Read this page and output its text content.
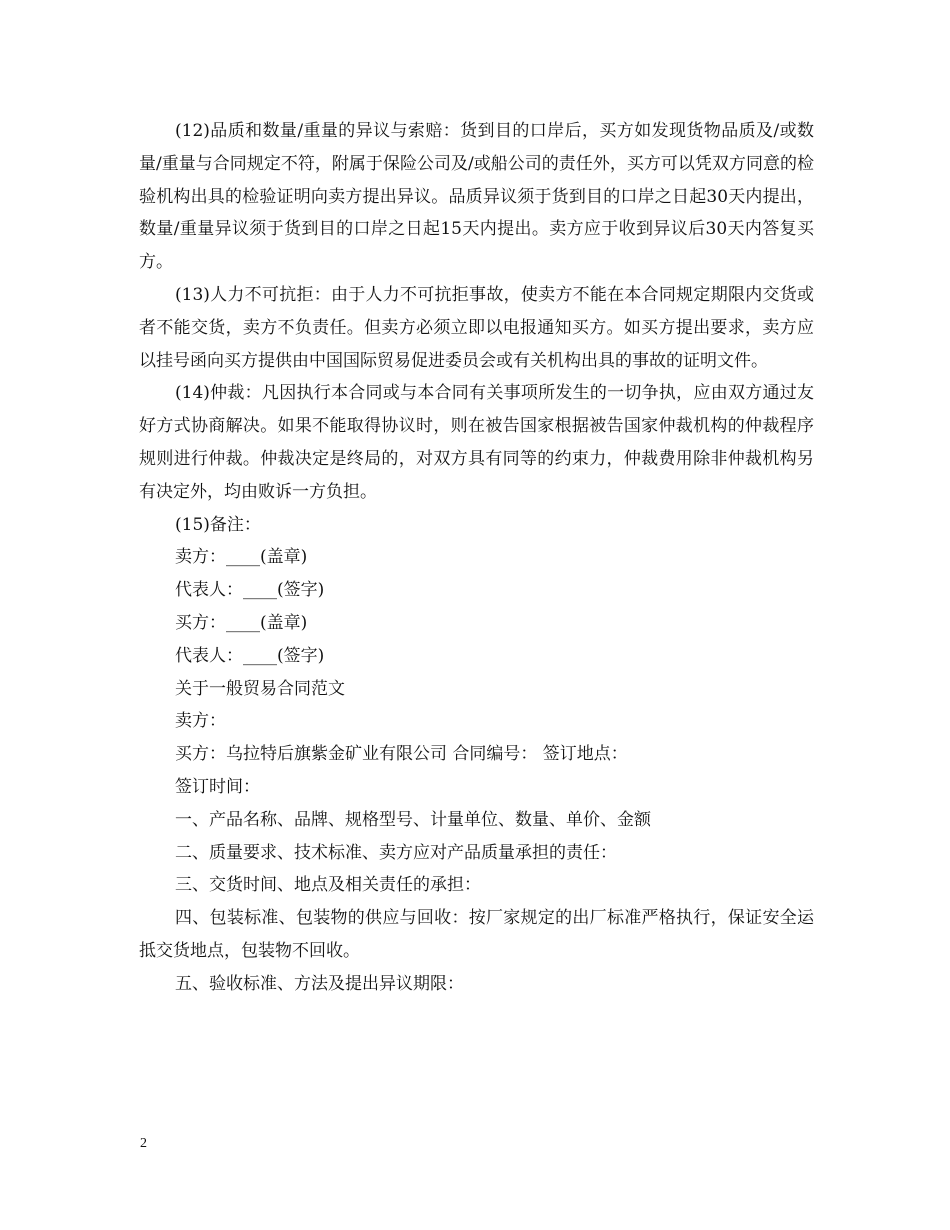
(12)品质和数量/重量的异议与索赔：货到目的口岸后，买方如发现货物品质及/或数量/重量与合同规定不符，附属于保险公司及/或船公司的责任外，买方可以凭双方同意的检验机构出具的检验证明向卖方提出异议。品质异议须于货到目的口岸之日起30天内提出，数量/重量异议须于货到目的口岸之日起15天内提出。卖方应于收到异议后30天内答复买方。

(13)人力不可抗拒：由于人力不可抗拒事故，使卖方不能在本合同规定期限内交货或者不能交货，卖方不负责任。但卖方必须立即以电报通知买方。如买方提出要求，卖方应以挂号函向买方提供由中国国际贸易促进委员会或有关机构出具的事故的证明文件。

(14)仲裁：凡因执行本合同或与本合同有关事项所发生的一切争执，应由双方通过友好方式协商解决。如果不能取得协议时，则在被告国家根据被告国家仲裁机构的仲裁程序规则进行仲裁。仲裁决定是终局的，对双方具有同等的约束力，仲裁费用除非仲裁机构另有决定外，均由败诉一方负担。

(15)备注：

卖方：____(盖章)

代表人：____(签字)

买方：____(盖章)

代表人：____(签字)

关于一般贸易合同范文

卖方：

买方：乌拉特后旗紫金矿业有限公司 合同编号： 签订地点：

签订时间：

一、产品名称、品牌、规格型号、计量单位、数量、单价、金额

二、质量要求、技术标准、卖方应对产品质量承担的责任：

三、交货时间、地点及相关责任的承担：

四、包装标准、包装物的供应与回收：按厂家规定的出厂标准严格执行，保证安全运抵交货地点，包装物不回收。

五、验收标准、方法及提出异议期限：

2
